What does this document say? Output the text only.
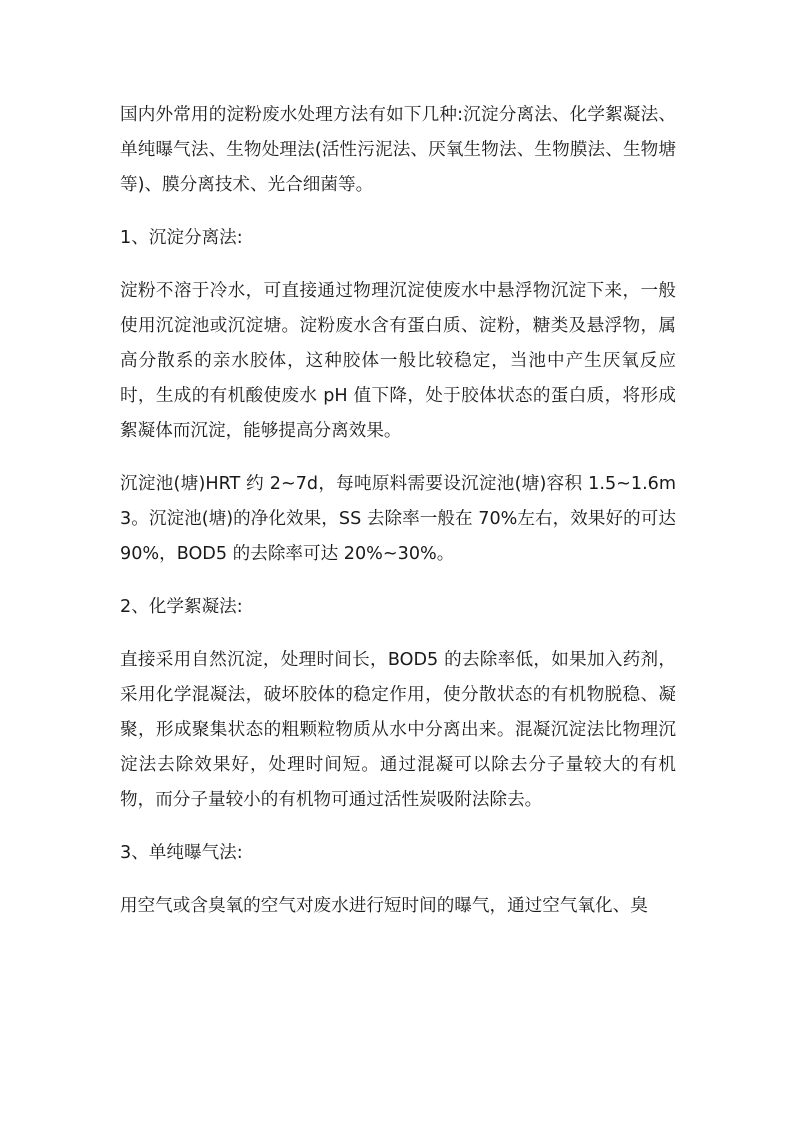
国内外常用的淀粉废水处理方法有如下几种:沉淀分离法、化学絮凝法、单纯曝气法、生物处理法(活性污泥法、厌氧生物法、生物膜法、生物塘等)、膜分离技术、光合细菌等。

1、沉淀分离法:

淀粉不溶于冷水，可直接通过物理沉淀使废水中悬浮物沉淀下来，一般使用沉淀池或沉淀塘。淀粉废水含有蛋白质、淀粉，糖类及悬浮物，属高分散系的亲水胶体，这种胶体一般比较稳定，当池中产生厌氧反应时，生成的有机酸使废水 pH 值下降，处于胶体状态的蛋白质，将形成絮凝体而沉淀，能够提高分离效果。

沉淀池(塘)HRT 约 2~7d，每吨原料需要设沉淀池(塘)容积 1.5~1.6m3。沉淀池(塘)的净化效果，SS 去除率一般在 70%左右，效果好的可达 90%，BOD5 的去除率可达 20%~30%。

2、化学絮凝法:

直接采用自然沉淀，处理时间长，BOD5 的去除率低，如果加入药剂，采用化学混凝法，破坏胶体的稳定作用，使分散状态的有机物脱稳、凝聚，形成聚集状态的粗颗粒物质从水中分离出来。混凝沉淀法比物理沉淀法去除效果好，处理时间短。通过混凝可以除去分子量较大的有机物，而分子量较小的有机物可通过活性炭吸附法除去。

3、单纯曝气法:

用空气或含臭氧的空气对废水进行短时间的曝气，通过空气氧化、臭
